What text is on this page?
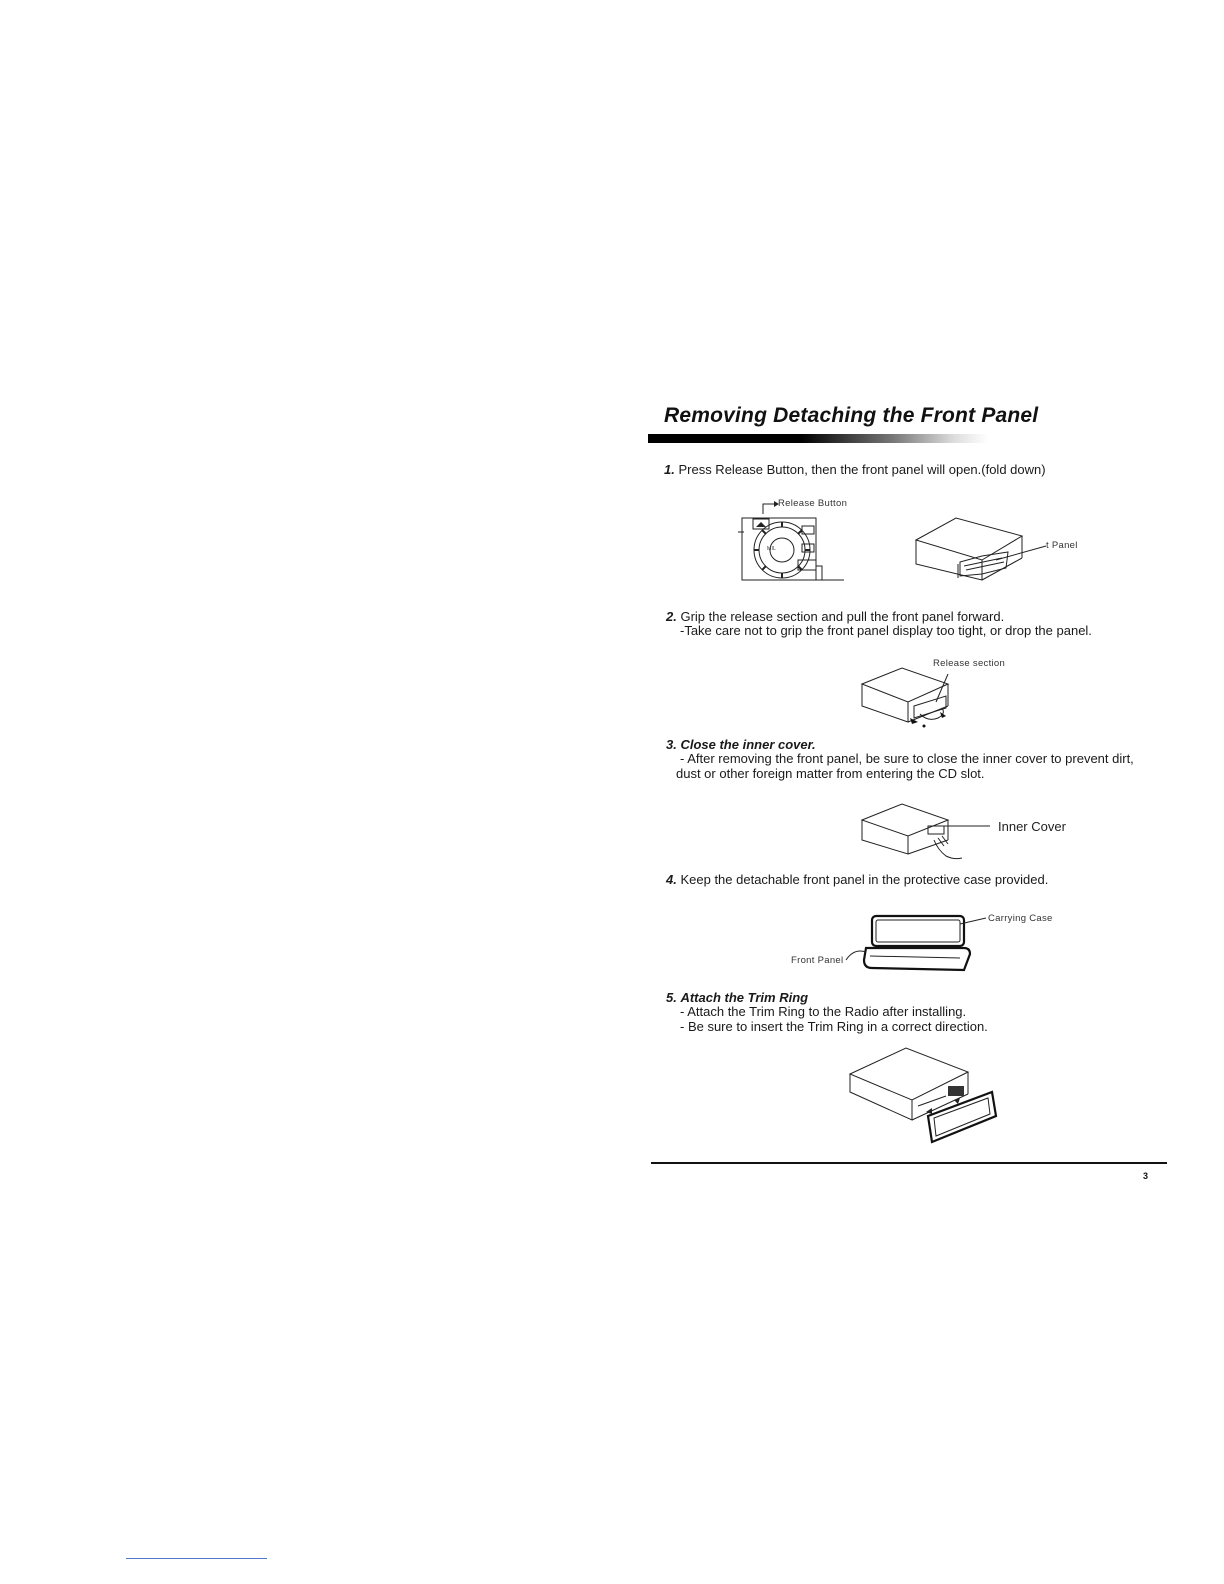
Removing Detaching the Front Panel
1. Press Release Button, then the front panel will open.(fold down)
Release Button
MIL	t Panel
2. Grip the release section and pull the front panel forward.
-Take care not to grip the front panel display too tight, or drop the panel.
Release section
3. Close the inner cover.
- After removing the front panel, be sure to close the inner cover to prevent dirt,
dust or other foreign matter from entering the CD slot.
Inner Cover
4. Keep the detachable front panel in the protective case provided.
Carrying Case
Front Panel
5. Attach the Trim Ring
- Attach the Trim Ring to the Radio after installing.
- Be sure to insert the Trim Ring in a correct direction.
3
